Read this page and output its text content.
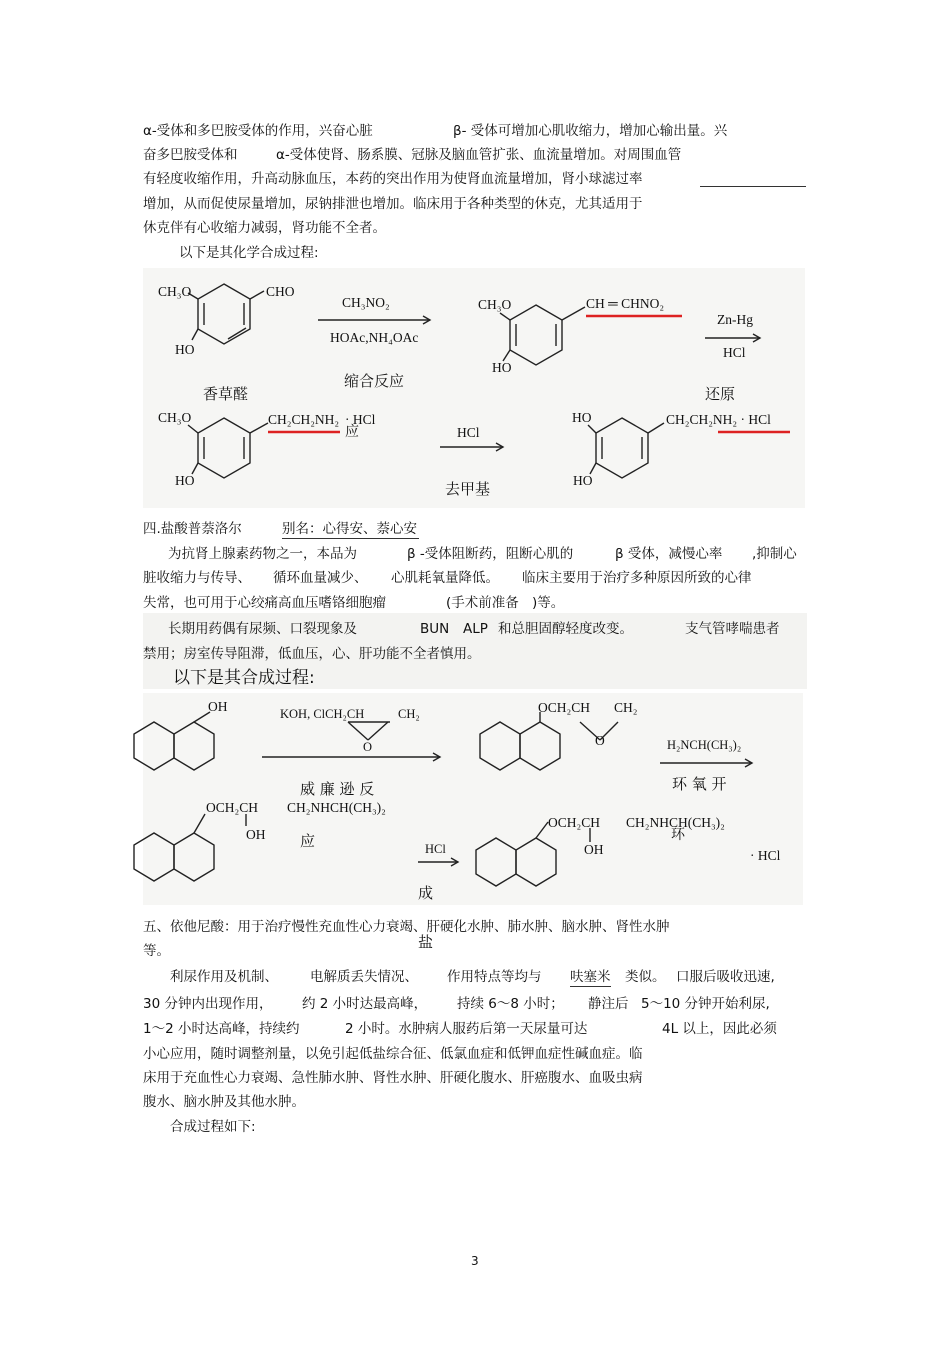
α-受体和多巴胺受体的作用，兴奋心脏	β- 受体可增加心肌收缩力，增加心输出量。兴
奋多巴胺受体和	α-受体使肾、肠系膜、冠脉及脑血管扩张、血流量增加。对周围血管
有轻度收缩作用，升高动脉血压，本药的突出作用为使肾血流量增加，肾小球滤过率
增加，从而促使尿量增加，尿钠排泄也增加。临床用于各种类型的休克，尤其适用于
休克伴有心收缩力减弱，肾功能不全者。
以下是其化学合成过程:
CH₃O	CHO
HO
CH₃NO₂
HOAc,NH₄OAc
香草醛
缩合反应
CH₃O	CH ═ CHNO₂
HO
Zn-Hg
HCl
还原
CH₃O	CH₂CH₂NH₂ · HCl
应
HO
HCl
去甲基
HO	CH₂CH₂NH₂ · HCl
HO
四.盐酸普萘洛尔	别名：心得安、萘心安
为抗肾上腺素药物之一，本品为	β -受体阻断药，阻断心肌的	β 受体，减慢心率 ,抑制心
脏收缩力与传导、 循环血量减少、 心肌耗氧量降低。 临床主要用于治疗多种原因所致的心律
失常，也可用于心绞痛高血压嗜铬细胞瘤	(手术前准备 )等。
长期用药偶有尿频、口裂现象及	BUN ALP 和总胆固醇轻度改变。	支气管哮喘患者
禁用；房室传导阻滞，低血压，心、肝功能不全者慎用。
以下是其合成过程:
OH	KOH, ClCH₂CH	CH₂
O
威 廉 逊 反
应
OCH₂CH CH₂
O	H₂NCH(CH₃)₂
环 氧 开
环
OCH₂CH CH₂NHCH(CH₃)₂
OH
HCl
成
OCH₂CH CH₂NHCH(CH₃)₂
OH	· HCl
五、依他尼酸：用于治疗慢性充血性心力衰竭、肝硬化水肿、肺水肿、脑水肿、肾性水肿
盐
等。
利尿作用及机制、 电解质丢失情况、 作用特点等均与 呋塞米 类似。 口服后吸收迅速,
30 分钟内出现作用， 约 2 小时达最高峰， 持续 6～8 小时； 静注后 5～10 分钟开始利尿,
1～2 小时达高峰，持续约	2 小时。水肿病人服药后第一天尿量可达	4L 以上，因此必须
小心应用，随时调整剂量，以免引起低盐综合征、低氯血症和低钾血症性碱血症。临
床用于充血性心力衰竭、急性肺水肿、肾性水肿、肝硬化腹水、肝癌腹水、血吸虫病
腹水、脑水肿及其他水肿。
合成过程如下:
3
